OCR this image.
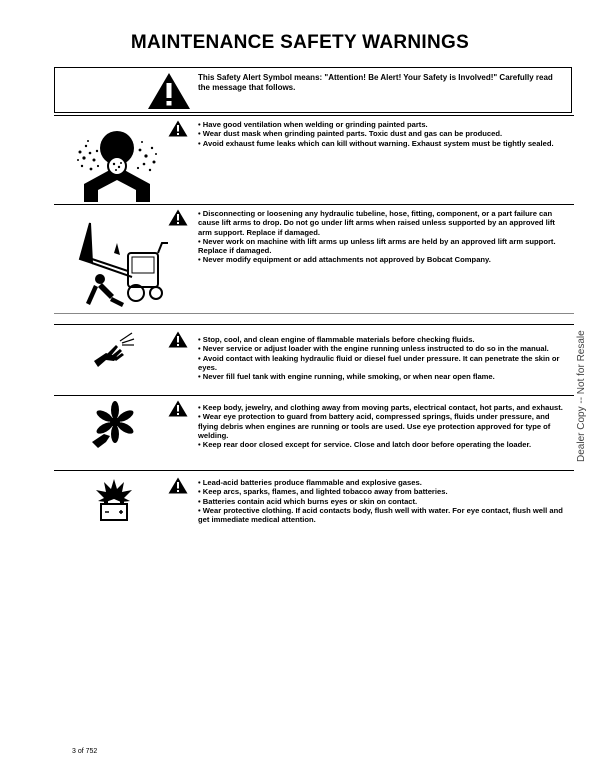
MAINTENANCE SAFETY WARNINGS
This Safety Alert Symbol means: "Attention! Be Alert! Your Safety is Involved!" Carefully read the message that follows.
• Have good ventilation when welding or grinding painted parts.
• Wear dust mask when grinding painted parts. Toxic dust and gas can be produced.
• Avoid exhaust fume leaks which can kill without warning. Exhaust system must be tightly sealed.
• Disconnecting or loosening any hydraulic tubeline, hose, fitting, component, or a part failure can cause lift arms to drop. Do not go under lift arms when raised unless supported by an approved lift arm support. Replace if damaged.
• Never work on machine with lift arms up unless lift arms are held by an approved lift arm support. Replace if damaged.
• Never modify equipment or add attachments not approved by Bobcat Company.
• Stop, cool, and clean engine of flammable materials before checking fluids.
• Never service or adjust loader with the engine running unless instructed to do so in the manual.
• Avoid contact with leaking hydraulic fluid or diesel fuel under pressure. It can penetrate the skin or eyes.
• Never fill fuel tank with engine running, while smoking, or when near open flame.
• Keep body, jewelry, and clothing away from moving parts, electrical contact, hot parts, and exhaust.
• Wear eye protection to guard from battery acid, compressed springs, fluids under pressure, and flying debris when engines are running or tools are used. Use eye protection approved for type of welding.
• Keep rear door closed except for service. Close and latch door before operating the loader.
• Lead-acid batteries produce flammable and explosive gases.
• Keep arcs, sparks, flames, and lighted tobacco away from batteries.
• Batteries contain acid which burns eyes or skin on contact.
• Wear protective clothing. If acid contacts body, flush well with water. For eye contact, flush well and get immediate medical attention.
Dealer Copy -- Not for Resale
3 of 752
